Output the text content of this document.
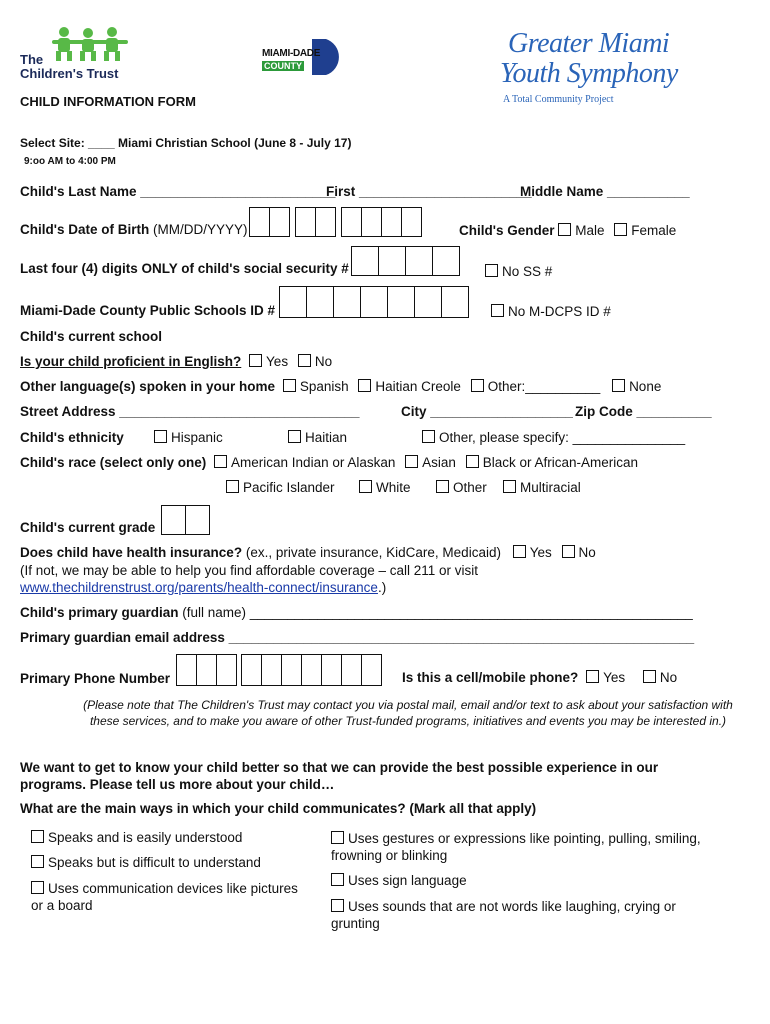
The
Children's Trust
MIAMI-DADE
COUNTY
Greater Miami
Youth Symphony
A Total Community Project
CHILD INFORMATION FORM
Select Site: ____ Miami Christian School (June 8 - July 17)
9:oo AM to 4:00 PM
Child's Last Name __________________________
First _______________________
Middle Name ___________
Child's Date of Birth
(MM/DD/YYYY)	Child's Gender Male Female
Last four (4) digits ONLY of child's social security #	No SS #
Miami-Dade County Public Schools ID #	No M-DCPS ID #
Child's current school
Is your child proficient in English? Yes No
Other language(s) spoken in your home Spanish Haitian Creole Other:__________ None
Street Address ________________________________	City ___________________ Zip Code __________
Child's ethnicity	Hispanic	Haitian	Other, please specify: _______________
Child's race (select only one) American Indian or Alaskan Asian Black or African-American
Pacific Islander	White	Other	Multiracial
Child's current grade
Does child have health insurance? (ex., private insurance, KidCare, Medicaid) Yes No
(If not, we may be able to help you find affordable coverage – call 211 or visit
www.thechildrenstrust.org/parents/health-connect/insurance.)
Child's primary guardian (full name) ___________________________________________________________
Primary guardian email address ______________________________________________________________
Primary Phone Number	Is this a cell/mobile phone? Yes	No
(Please note that The Children's Trust may contact you via postal mail, email and/or text to ask about your satisfaction with these services, and to make you aware of other Trust-funded programs, initiatives and events you may be interested in.)
We want to get to know your child better so that we can provide the best possible experience in our programs. Please tell us more about your child…
What are the main ways in which your child communicates? (Mark all that apply)
Speaks and is easily understood
Speaks but is difficult to understand
Uses communication devices like pictures or a board
Uses gestures or expressions like pointing, pulling, smiling, frowning or blinking
Uses sign language
Uses sounds that are not words like laughing, crying or grunting
